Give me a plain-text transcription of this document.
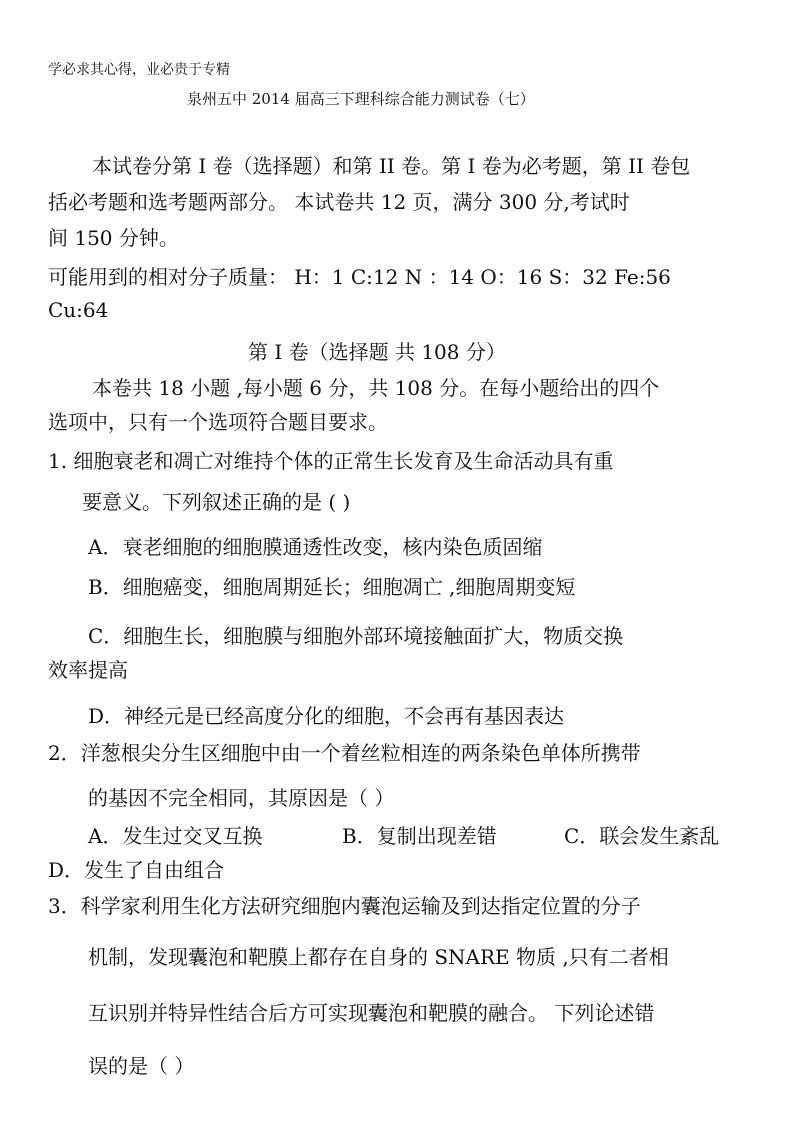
学必求其心得，业必贵于专精
泉州五中 2014 届高三下理科综合能力测试卷（七）
本试卷分第 I 卷（选择题）和第 II 卷。第 I 卷为必考题，第 II 卷包
括必考题和选考题两部分。 本试卷共 12 页，满分 300 分,考试时
间 150 分钟。
可能用到的相对分子质量： H：1 C:12 N ：14 O：16 S：32 Fe:56
Cu:64
第 I 卷（选择题 共 108 分）
本卷共 18 小题 ,每小题 6 分，共 108 分。在每小题给出的四个
选项中，只有一个选项符合题目要求。
1. 细胞衰老和凋亡对维持个体的正常生长发育及生命活动具有重
要意义。下列叙述正确的是 ( )
A．衰老细胞的细胞膜通透性改变，核内染色质固缩
B．细胞癌变，细胞周期延长；细胞凋亡 ,细胞周期变短
C．细胞生长，细胞膜与细胞外部环境接触面扩大，物质交换
效率提高
D．神经元是已经高度分化的细胞，不会再有基因表达
2．洋葱根尖分生区细胞中由一个着丝粒相连的两条染色单体所携带
的基因不完全相同，其原因是（ ）
A．发生过交叉互换	B．复制出现差错	C．联会发生紊乱
D．发生了自由组合
3．科学家利用生化方法研究细胞内囊泡运输及到达指定位置的分子
机制，发现囊泡和靶膜上都存在自身的 SNARE 物质 ,只有二者相
互识别并特异性结合后方可实现囊泡和靶膜的融合。 下列论述错
误的是（ ）
